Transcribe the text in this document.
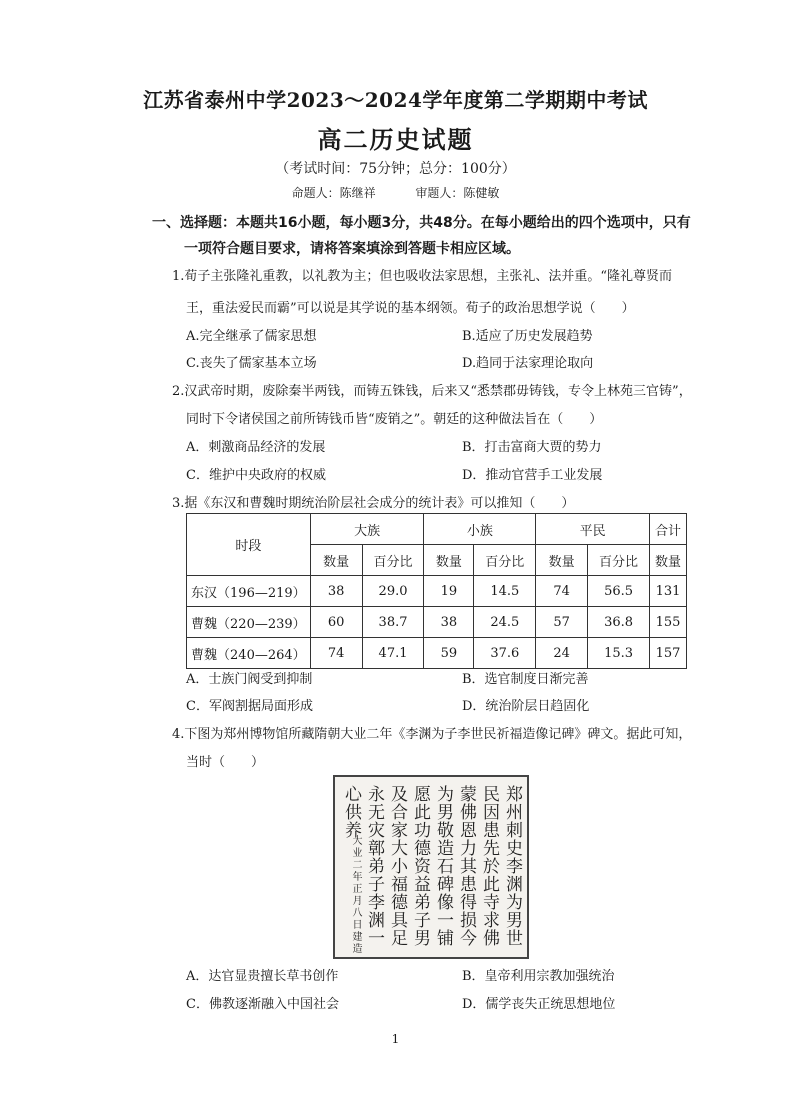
江苏省泰州中学2023～2024学年度第二学期期中考试
高二历史试题
（考试时间：75分钟；总分：100分）
命题人：陈继祥	审题人：陈健敏
一、选择题：本题共16小题，每小题3分，共48分。在每小题给出的四个选项中，只有
一项符合题目要求，请将答案填涂到答题卡相应区域。
1.荀子主张隆礼重教，以礼教为主；但也吸收法家思想，主张礼、法并重。“隆礼尊贤而
王，重法爱民而霸”可以说是其学说的基本纲领。荀子的政治思想学说（　　）
A.完全继承了儒家思想	B.适应了历史发展趋势
C.丧失了儒家基本立场	D.趋同于法家理论取向
2.汉武帝时期，废除秦半两钱，而铸五铢钱，后来又“悉禁郡毋铸钱，专令上林苑三官铸”，
同时下令诸侯国之前所铸钱币皆“废销之”。朝廷的这种做法旨在（　　）
A．刺激商品经济的发展	B．打击富商大贾的势力
C．维护中央政府的权威	D．推动官营手工业发展
3.据《东汉和曹魏时期统治阶层社会成分的统计表》可以推知（　　）
时段	大族		小族		平民		合计
	数量	百分比	数量	百分比	数量	百分比	数量
东汉（196—219）	38	29.0	19	14.5	74	56.5	131
曹魏（220—239）	60	38.7	38	24.5	57	36.8	155
曹魏（240—264）	74	47.1	59	37.6	24	15.3	157
A．士族门阀受到抑制	B．选官制度日渐完善
C．军阀割据局面形成	D．统治阶层日趋固化
4.下图为郑州博物馆所藏隋朝大业二年《李渊为子李世民祈福造像记碑》碑文。据此可知，
当时（　　）
郑州刺史李渊为男世
民因患先於此寺求佛
蒙佛恩力其患得损今
为男敬造石碑像一铺
愿此功德资益弟子男
及合家大小福德具足
永无灾鄣弟子李渊一
心供养
大业二年正月八日建造
A．达官显贵擅长草书创作	B．皇帝利用宗教加强统治
C．佛教逐渐融入中国社会	D．儒学丧失正统思想地位
1
